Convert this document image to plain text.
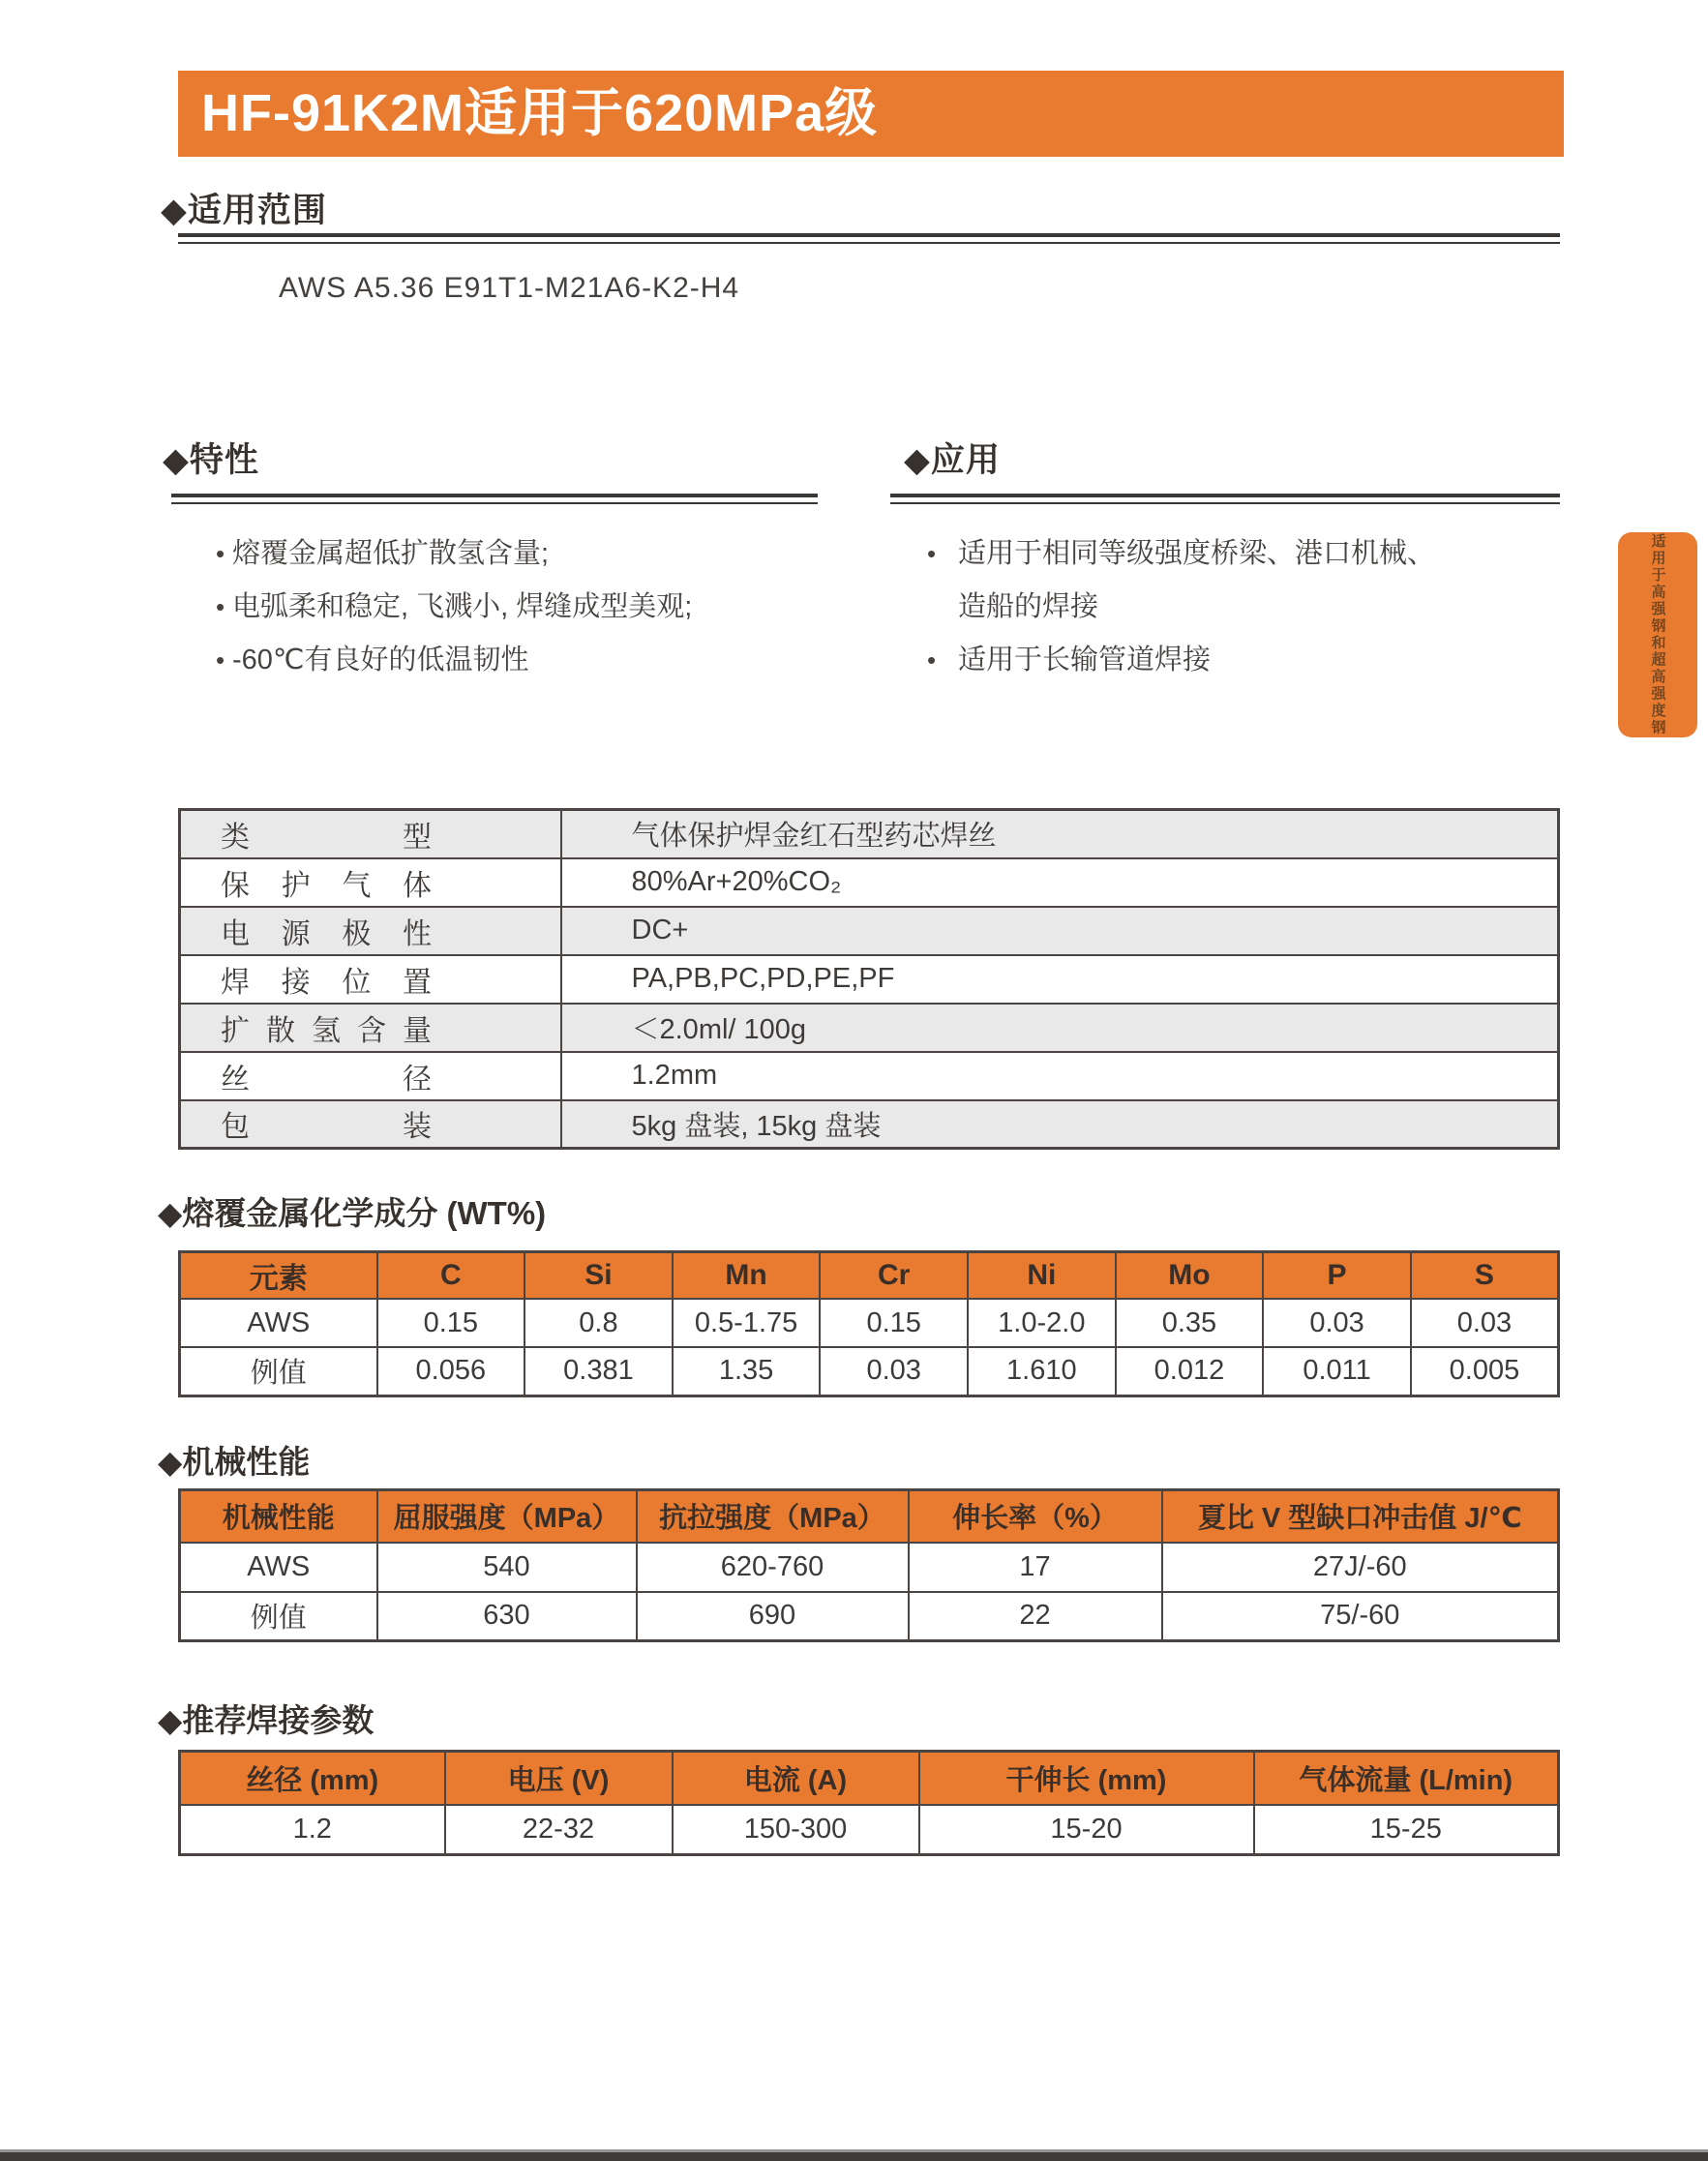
HF-91K2M适用于620MPa级
◆适用范围
AWS A5.36 E91T1-M21A6-K2-H4
◆特性
•
熔覆金属超低扩散氢含量;
•
电弧柔和稳定, 飞溅小, 焊缝成型美观;
•
-60℃有良好的低温韧性
◆应用
•
适用于相同等级强度桥梁、港口机械、
造船的焊接
•
适用于长输管道焊接	适用于高强钢和超高强度钢
类型	气体保护焊金红石型药芯焊丝

保护气体	80%Ar+20%CO₂

电源极性	DC+

焊接位置	PA,PB,PC,PD,PE,PF

扩散氢含量	＜2.0ml/ 100g

丝径	1.2mm

包装	5kg 盘装, 15kg 盘装
◆熔覆金属化学成分 (WT%)
元素	C	Si	Mn	Cr	Ni	Mo	P	S
AWS	0.15	0.8	0.5-1.75	0.15	1.0-2.0	0.35	0.03	0.03
例值	0.056	0.381	1.35	0.03	1.610	0.012	0.011	0.005
◆机械性能
机械性能	屈服强度（MPa）	抗拉强度（MPa）	伸长率（%）	夏比 V 型缺口冲击值 J/℃
AWS	540	620-760	17	27J/-60
例值	630	690	22	75/-60
◆推荐焊接参数
丝径 (mm)	电压 (V)	电流 (A)	干伸长 (mm)	气体流量 (L/min)
1.2	22-32	150-300	15-20	15-25
